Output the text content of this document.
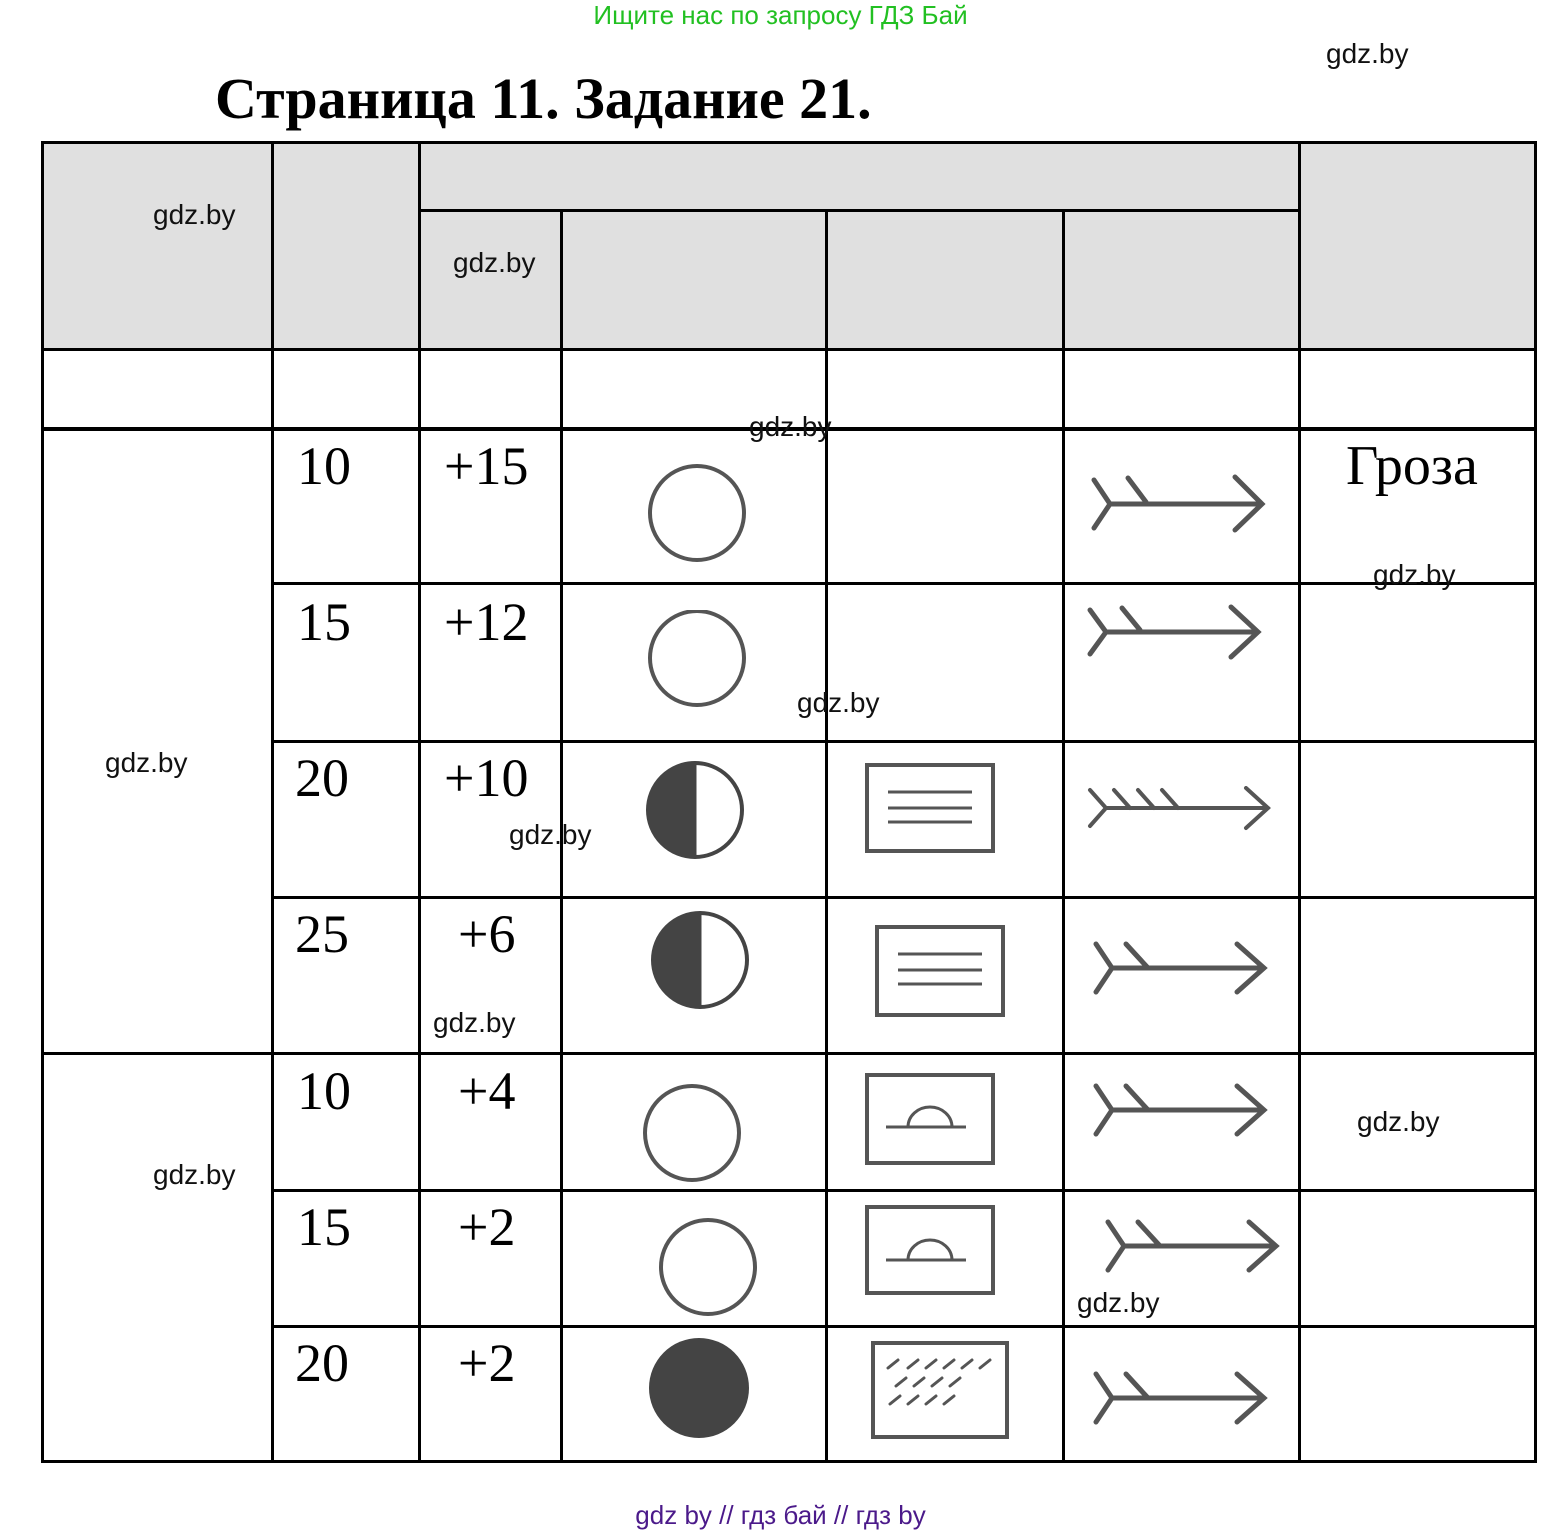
Ищите нас по запросу ГДЗ Бай
gdz.by
Страница 11. Задание 21.
10 +15	Гроза
15 +12
20 +10
25 +6
10 +4
gdz.by
15 +2
20 +2
gdz.by
gdz.by
gdz.by
gdz.by
gdz.by
gdz.by
gdz.by
gdz.by
gdz.by
gdz.by
gdz by // гдз бай // гдз by
